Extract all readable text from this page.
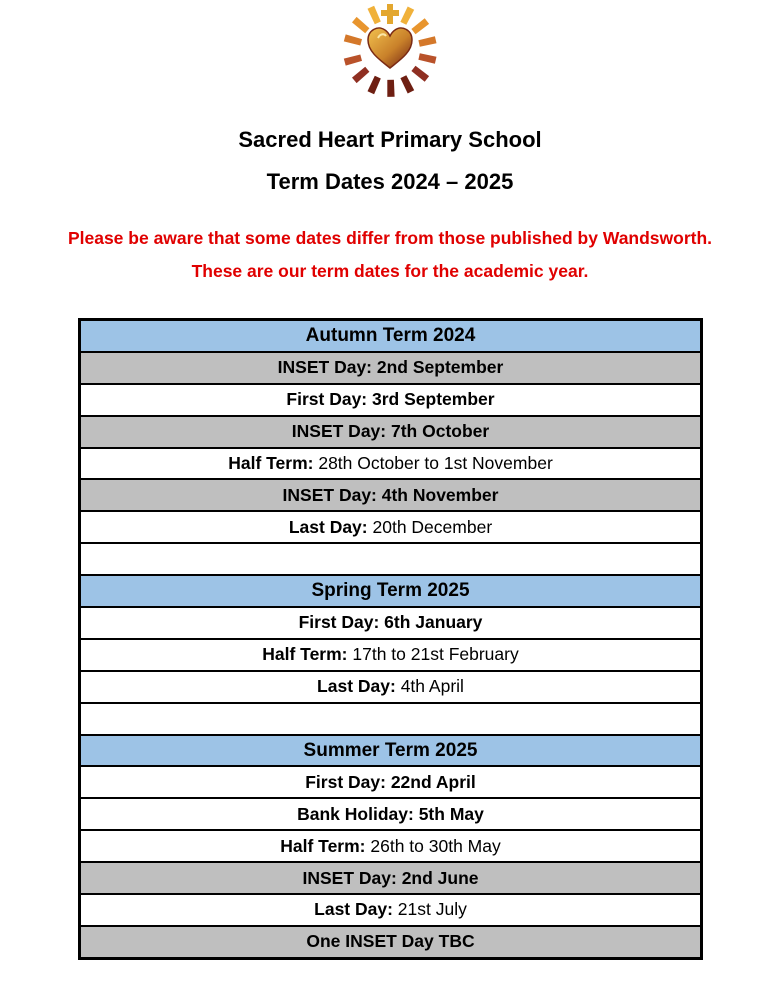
Sacred Heart Primary School
Term Dates 2024 – 2025
Please be aware that some dates differ from those published by Wandsworth.
These are our term dates for the academic year.
Autumn Term 2024
INSET Day: 2nd September
First Day: 3rd September
INSET Day: 7th October
Half Term: 28th October to 1st November
INSET Day: 4th November
Last Day: 20th December

Spring Term 2025
First Day: 6th January
Half Term: 17th to 21st February
Last Day: 4th April

Summer Term 2025
First Day: 22nd April
Bank Holiday: 5th May
Half Term: 26th to 30th May
INSET Day: 2nd June
Last Day: 21st July
One INSET Day TBC
